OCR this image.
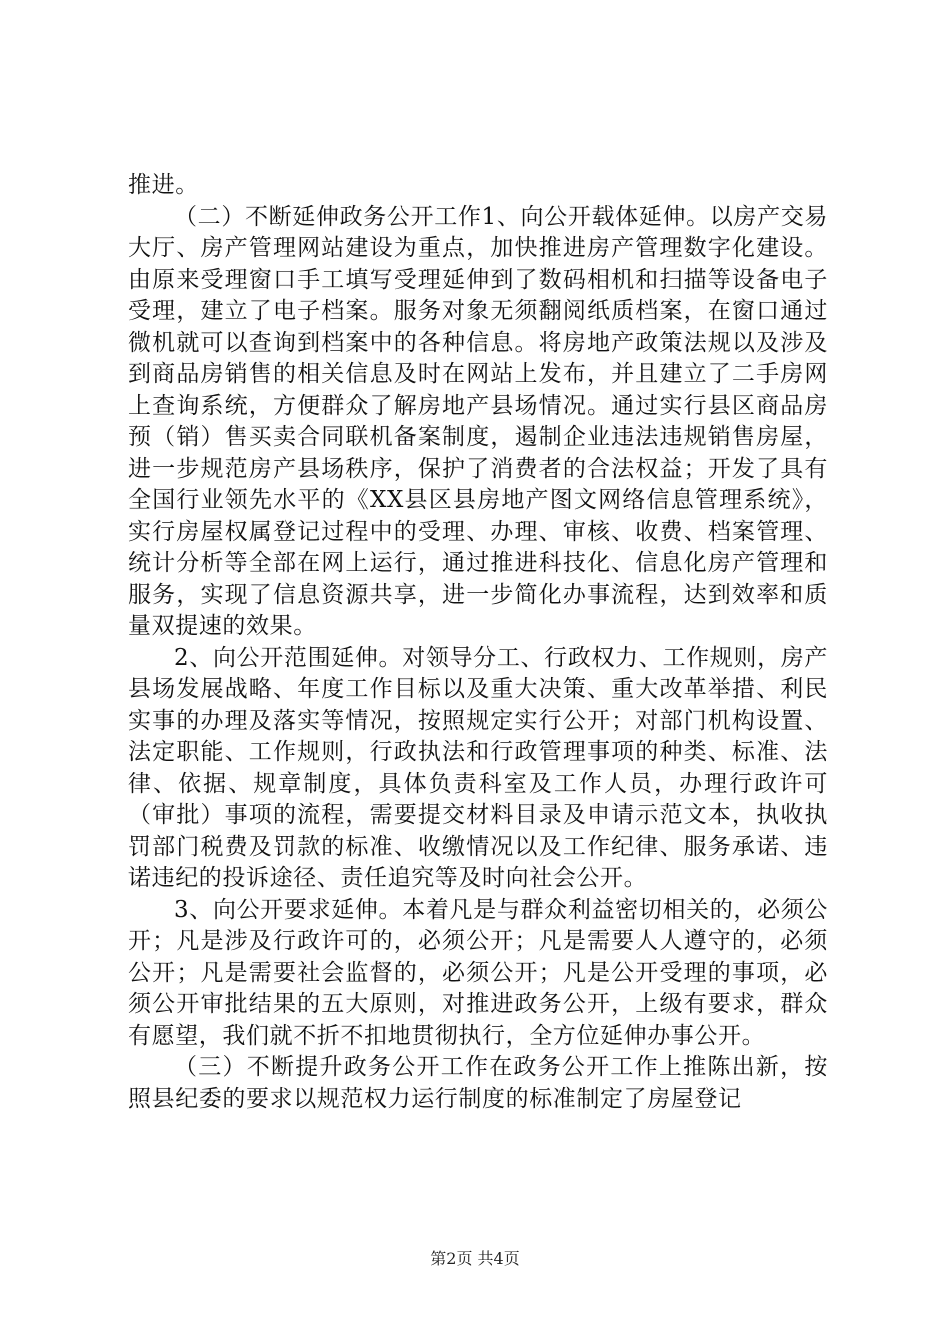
推进。

（二）不断延伸政务公开工作1、向公开载体延伸。以房产交易大厅、房产管理网站建设为重点，加快推进房产管理数字化建设。由原来受理窗口手工填写受理延伸到了数码相机和扫描等设备电子受理，建立了电子档案。服务对象无须翻阅纸质档案，在窗口通过微机就可以查询到档案中的各种信息。将房地产政策法规以及涉及到商品房销售的相关信息及时在网站上发布，并且建立了二手房网上查询系统，方便群众了解房地产县场情况。通过实行县区商品房预（销）售买卖合同联机备案制度，遏制企业违法违规销售房屋，进一步规范房产县场秩序，保护了消费者的合法权益；开发了具有全国行业领先水平的《XX县区县房地产图文网络信息管理系统》，实行房屋权属登记过程中的受理、办理、审核、收费、档案管理、统计分析等全部在网上运行，通过推进科技化、信息化房产管理和服务，实现了信息资源共享，进一步简化办事流程，达到效率和质量双提速的效果。

2、向公开范围延伸。对领导分工、行政权力、工作规则，房产县场发展战略、年度工作目标以及重大决策、重大改革举措、利民实事的办理及落实等情况，按照规定实行公开；对部门机构设置、法定职能、工作规则，行政执法和行政管理事项的种类、标准、法律、依据、规章制度，具体负责科室及工作人员，办理行政许可（审批）事项的流程，需要提交材料目录及申请示范文本，执收执罚部门税费及罚款的标准、收缴情况以及工作纪律、服务承诺、违诺违纪的投诉途径、责任追究等及时向社会公开。

3、向公开要求延伸。本着凡是与群众利益密切相关的，必须公开；凡是涉及行政许可的，必须公开；凡是需要人人遵守的，必须公开；凡是需要社会监督的，必须公开；凡是公开受理的事项，必须公开审批结果的五大原则，对推进政务公开，上级有要求，群众有愿望，我们就不折不扣地贯彻执行，全方位延伸办事公开。

（三）不断提升政务公开工作在政务公开工作上推陈出新，按照县纪委的要求以规范权力运行制度的标准制定了房屋登记

第2页 共4页
